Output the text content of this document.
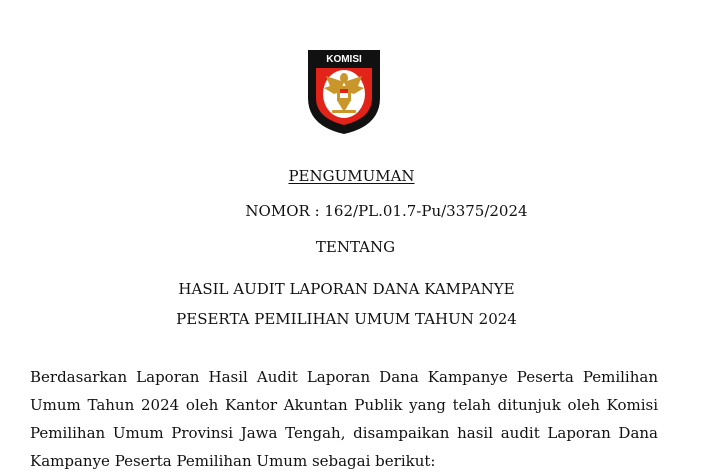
KOMISI
PENGUMUMAN
NOMOR : 162/PL.01.7-Pu/3375/2024
TENTANG
HASIL AUDIT LAPORAN DANA KAMPANYE
PESERTA PEMILIHAN UMUM TAHUN 2024
Berdasarkan Laporan Hasil Audit Laporan Dana Kampanye Peserta Pemilihan
Umum Tahun 2024 oleh Kantor Akuntan Publik yang telah ditunjuk oleh Komisi
Pemilihan Umum Provinsi Jawa Tengah, disampaikan hasil audit Laporan Dana
Kampanye Peserta Pemilihan Umum sebagai berikut:
